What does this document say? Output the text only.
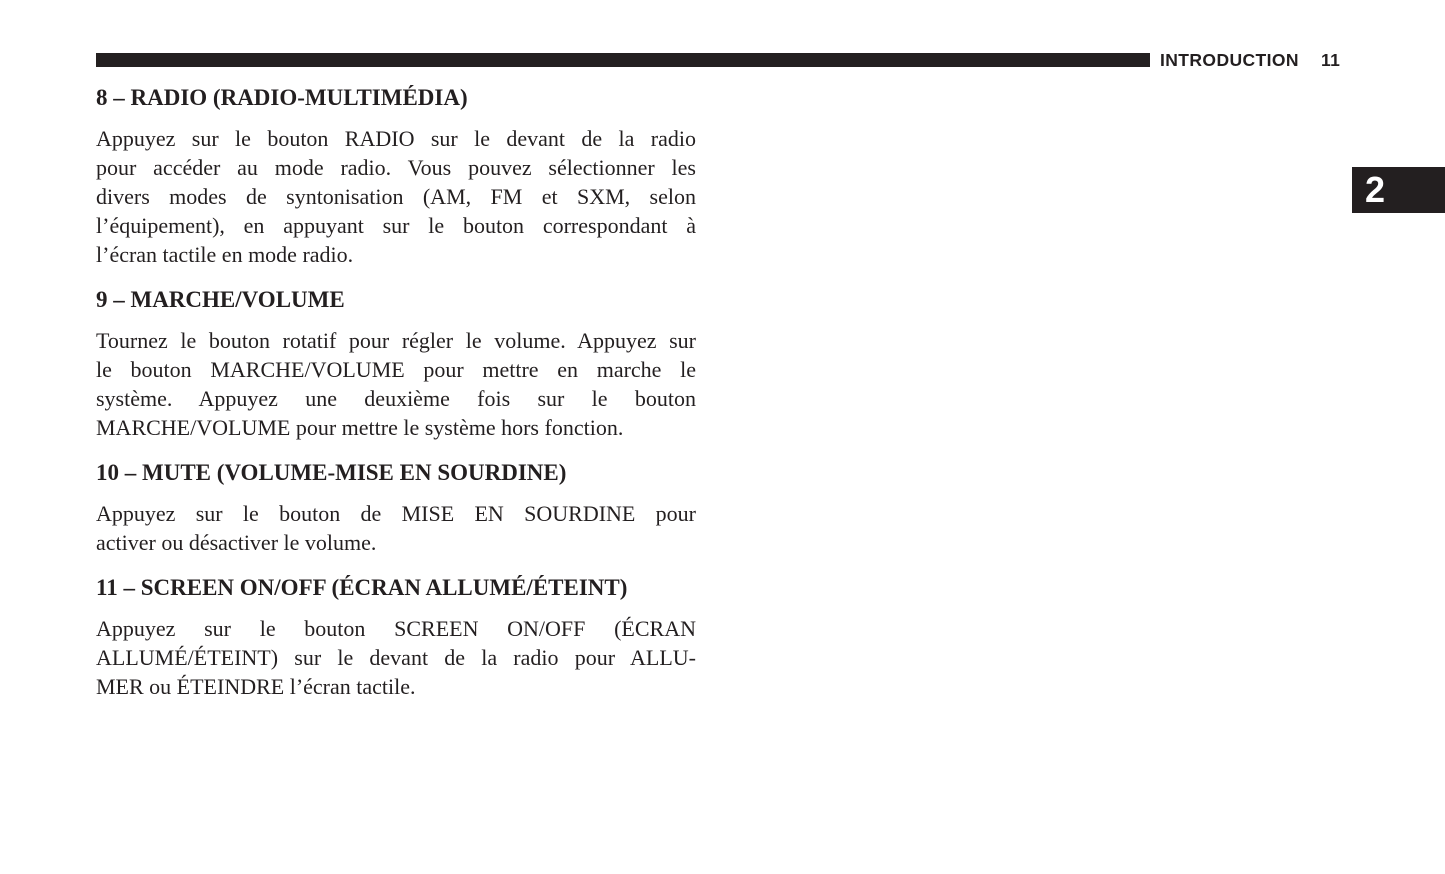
INTRODUCTION 11
2
8 – RADIO (RADIO-MULTIMÉDIA)
Appuyez sur le bouton RADIO sur le devant de la radio
pour accéder au mode radio. Vous pouvez sélectionner les
divers modes de syntonisation (AM, FM et SXM, selon
l’équipement), en appuyant sur le bouton correspondant à
l’écran tactile en mode radio.
9 – MARCHE/VOLUME
Tournez le bouton rotatif pour régler le volume. Appuyez sur
le bouton MARCHE/VOLUME pour mettre en marche le
système. Appuyez une deuxième fois sur le bouton
MARCHE/VOLUME pour mettre le système hors fonction.
10 – MUTE (VOLUME-MISE EN SOURDINE)
Appuyez sur le bouton de MISE EN SOURDINE pour
activer ou désactiver le volume.
11 – SCREEN ON/OFF (ÉCRAN ALLUMÉ/ÉTEINT)
Appuyez sur le bouton SCREEN ON/OFF (ÉCRAN
ALLUMÉ/ÉTEINT) sur le devant de la radio pour ALLU-
MER ou ÉTEINDRE l’écran tactile.
